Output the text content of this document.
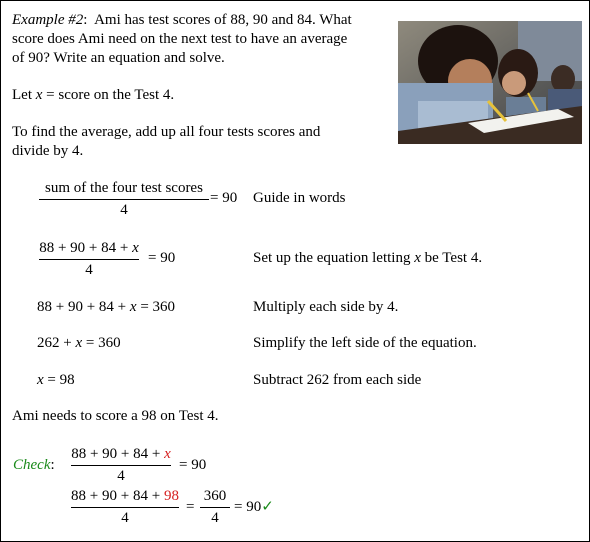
Example #2: Ami has test scores of 88, 90 and 84. What
score does Ami need on the next test to have an average
of 90? Write an equation and solve.
Let x = score on the Test 4.
To find the average, add up all four tests scores and
divide by 4.
sum of the four test scores
4
= 90 Guide in words
88 + 90 + 84 + x
4
= 90	Set up the equation letting x be Test 4.
88 + 90 + 84 + x = 360	Multiply each side by 4.
262 + x = 360	Simplify the left side of the equation.
x = 98	Subtract 262 from each side
Ami needs to score a 98 on Test 4.
Check:
88 + 90 + 84 + x
4
= 90
88 + 90 + 84 + 98
4
=
360
4
= 90✓
